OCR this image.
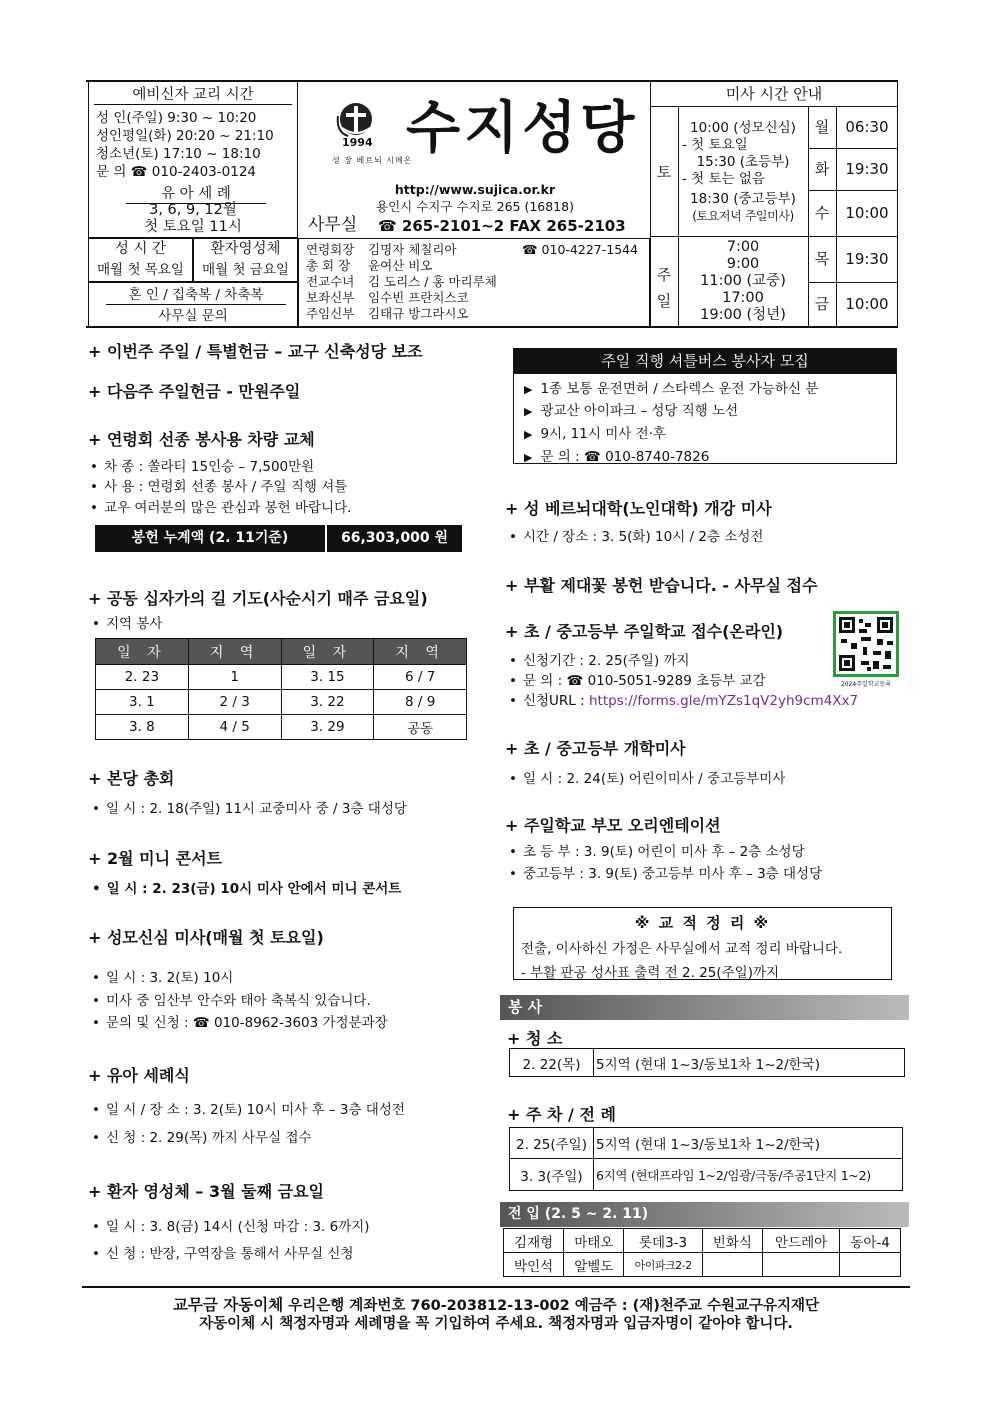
예비신자 교리 시간
성 인(주일) 9:30 ~ 10:20
성인평일(화) 20:20 ~ 21:10
청소년(토) 17:10 ~ 18:10
문 의 ☎ 010-2403-0124
유 아 세 례
3, 6, 9, 12월
첫 토요일 11시
성 시 간
매월 첫 목요일
환자영성체
매월 첫 금요일
혼 인 / 집축복 / 차축복
사무실 문의
1994
성 장 베르뇌 시메온
수지성당
http://www.sujica.or.kr
용인시 수지구 수지로 265 (16818)
사무실 ☎ 265-2101~2 FAX 265-2103
연령회장 김명자 체칠리아	☎ 010-4227-1544
총 회 장 윤여산 비오
전교수녀 김 도리스 / 홍 마리루체
보좌신부 임수빈 프란치스코
주임신부 김태규 방그라시오
미사 시간 안내
토
10:00 (성모신심)
- 첫 토요일
15:30 (초등부)
- 첫 토는 없음
18:30 (중고등부)
(토요저녁 주일미사)
주일
7:00
9:00
11:00 (교중)
17:00
19:00 (청년)
월	06:30
화	19:30
수	10:00
목	19:30
금	10:00
+ 이번주 주일 / 특별헌금 – 교구 신축성당 보조
+ 다음주 주일헌금 - 만원주일
+ 연령회 선종 봉사용 차량 교체
• 차 종 : 쏠라티 15인승 – 7,500만원
• 사 용 : 연령회 선종 봉사 / 주일 직행 셔틀
• 교우 여러분의 많은 관심과 봉헌 바랍니다.
봉헌 누계액 (2. 11기준)	66,303,000 원
+ 공동 십자가의 길 기도(사순시기 매주 금요일)
• 지역 봉사
일 자	지 역	일 자	지 역
2. 23	1	3. 15	6 / 7
3. 1	2 / 3	3. 22	8 / 9
3. 8	4 / 5	3. 29	공동
+ 본당 총회
• 일 시 : 2. 18(주일) 11시 교중미사 중 / 3층 대성당
+ 2월 미니 콘서트
• 일 시 : 2. 23(금) 10시 미사 안에서 미니 콘서트
+ 성모신심 미사(매월 첫 토요일)
• 일 시 : 3. 2(토) 10시
• 미사 중 임산부 안수와 태아 축복식 있습니다.
• 문의 및 신청 : ☎ 010-8962-3603 가정분과장
+ 유아 세례식
• 일 시 / 장 소 : 3. 2(토) 10시 미사 후 – 3층 대성전
• 신 청 : 2. 29(목) 까지 사무실 접수
+ 환자 영성체 – 3월 둘째 금요일
• 일 시 : 3. 8(금) 14시 (신청 마감 : 3. 6까지)
• 신 청 : 반장, 구역장을 통해서 사무실 신청
주일 직행 셔틀버스 봉사자 모집
▶ 1종 보통 운전면허 / 스타렉스 운전 가능하신 분
▶ 광교산 아이파크 – 성당 직행 노선
▶ 9시, 11시 미사 전·후
▶ 문 의 : ☎ 010-8740-7826
+ 성 베르뇌대학(노인대학) 개강 미사
• 시간 / 장소 : 3. 5(화) 10시 / 2층 소성전
+ 부활 제대꽃 봉헌 받습니다. - 사무실 접수
+ 초 / 중고등부 주일학교 접수(온라인)
• 신청기간 : 2. 25(주일) 까지
• 문 의 : ☎ 010-5051-9289 초등부 교감
• 신청URL : https://forms.gle/mYZs1qV2yh9cm4Xx7
2024주일학교등록
+ 초 / 중고등부 개학미사
• 일 시 : 2. 24(토) 어린이미사 / 중고등부미사
+ 주일학교 부모 오리엔테이션
• 초 등 부 : 3. 9(토) 어린이 미사 후 – 2층 소성당
• 중고등부 : 3. 9(토) 중고등부 미사 후 – 3층 대성당
※ 교 적 정 리 ※
전출, 이사하신 가정은 사무실에서 교적 정리 바랍니다.
- 부활 판공 성사표 출력 전 2. 25(주일)까지
봉 사
+ 청 소
2. 22(목)	5지역 (현대 1~3/동보1차 1~2/한국)
+ 주 차 / 전 례
2. 25(주일)	5지역 (현대 1~3/동보1차 1~2/한국)
3. 3(주일)	6지역 (현대프라임 1~2/임광/극동/주공1단지 1~2)
전 입 (2. 5 ~ 2. 11)
김재형	마태오	롯데3-3	빈화식	안드레아	동아-4
박인석	알벨도	아이파크2-2			
교무금 자동이체 우리은행 계좌번호 760-203812-13-002 예금주 : (재)천주교 수원교구유지재단
자동이체 시 책정자명과 세례명을 꼭 기입하여 주세요. 책정자명과 입금자명이 같아야 합니다.
